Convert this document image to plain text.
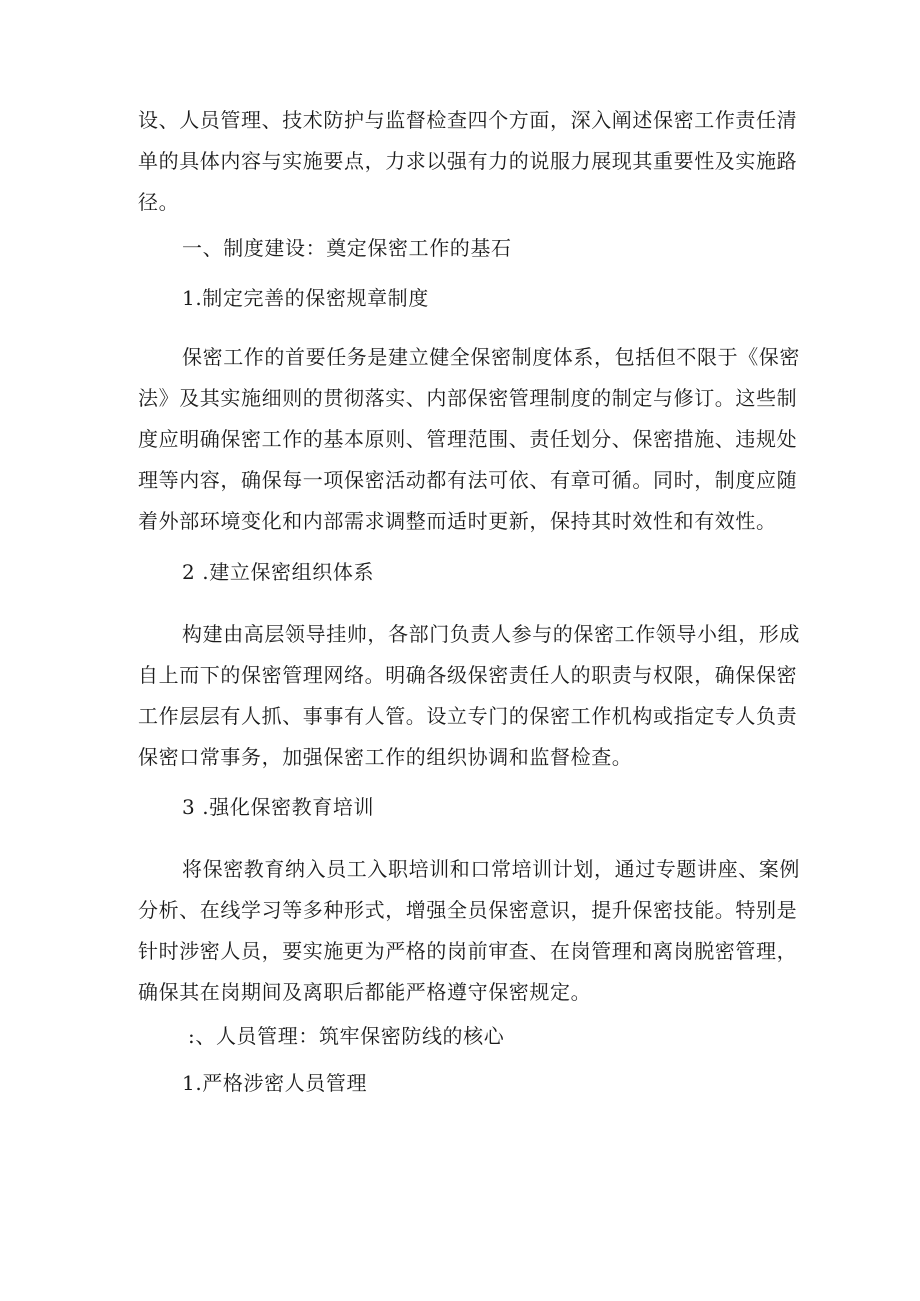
设、人员管理、技术防护与监督检查四个方面，深入阐述保密工作责任清
单的具体内容与实施要点，力求以强有力的说服力展现其重要性及实施路
径。

一、制度建设：奠定保密工作的基石

1.制定完善的保密规章制度

保密工作的首要任务是建立健全保密制度体系，包括但不限于《保密
法》及其实施细则的贯彻落实、内部保密管理制度的制定与修订。这些制
度应明确保密工作的基本原则、管理范围、责任划分、保密措施、违规处
理等内容，确保每一项保密活动都有法可依、有章可循。同时，制度应随
着外部环境变化和内部需求调整而适时更新，保持其时效性和有效性。

2 .建立保密组织体系

构建由高层领导挂帅，各部门负责人参与的保密工作领导小组，形成
自上而下的保密管理网络。明确各级保密责任人的职责与权限，确保保密
工作层层有人抓、事事有人管。设立专门的保密工作机构或指定专人负责
保密口常事务，加强保密工作的组织协调和监督检查。

3 .强化保密教育培训

将保密教育纳入员工入职培训和口常培训计划，通过专题讲座、案例
分析、在线学习等多种形式，增强全员保密意识，提升保密技能。特别是
针时涉密人员，要实施更为严格的岗前审查、在岗管理和离岗脱密管理，
确保其在岗期间及离职后都能严格遵守保密规定。

:、人员管理：筑牢保密防线的核心

1.严格涉密人员管理
